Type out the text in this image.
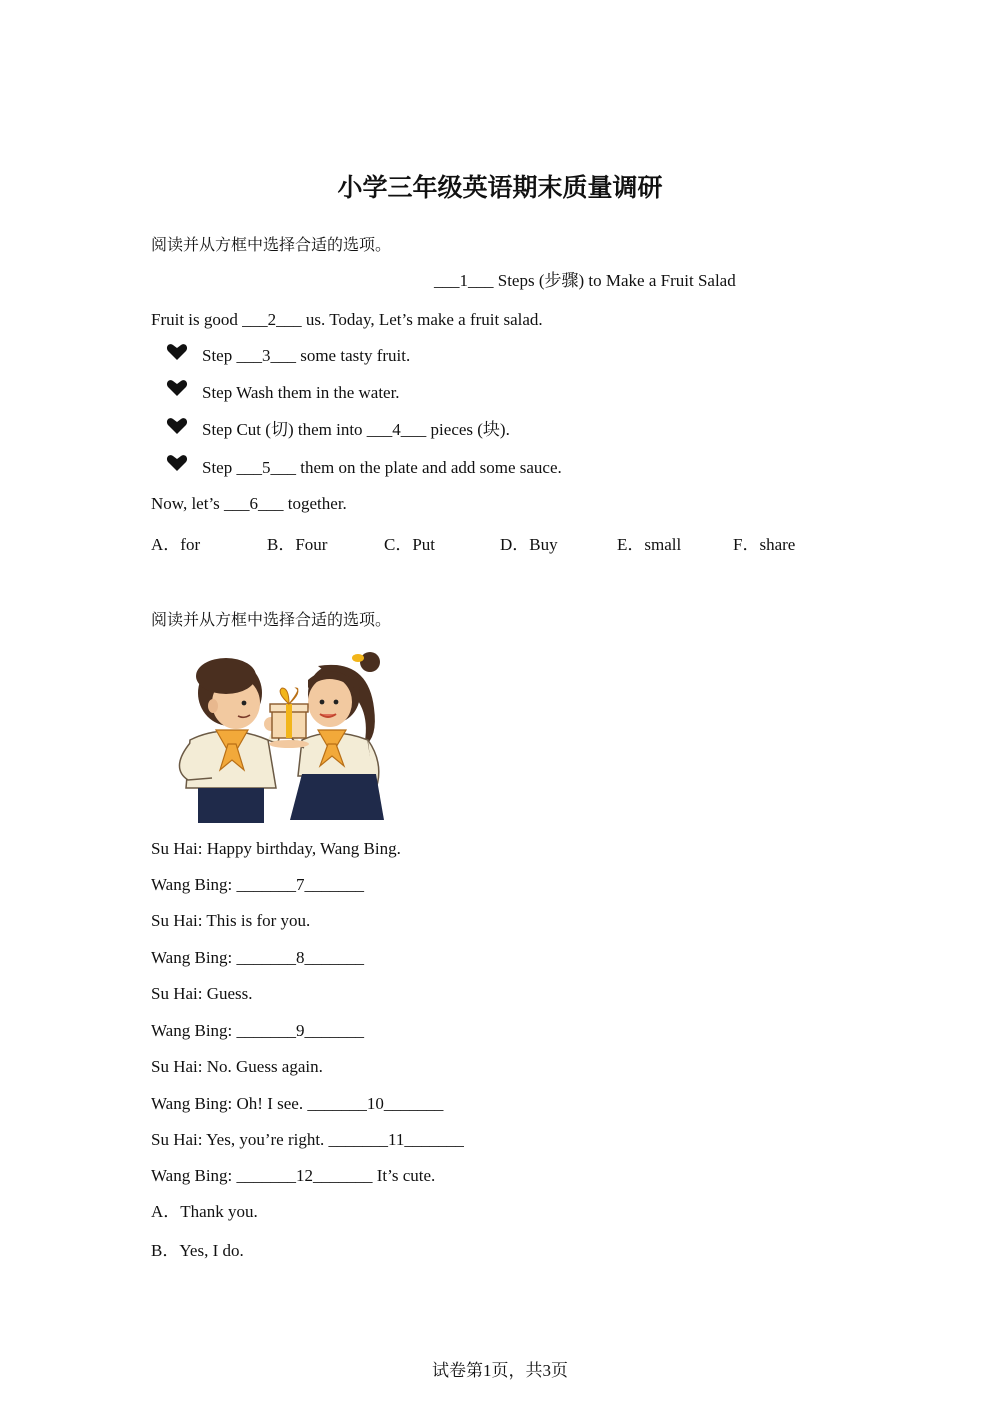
小学三年级英语期末质量调研
阅读并从方框中选择合适的选项。
___1___ Steps (步骤) to Make a Fruit Salad
Fruit is good ___2___ us. Today, Let’s make a fruit salad.
Step ___3___ some tasty fruit.
Step Wash them in the water.
Step Cut (切) them into ___4___ pieces (块).
Step ___5___ them on the plate and add some sauce.
Now, let’s ___6___ together.
A．for	B．Four	C．Put	D．Buy	E．small	F．share
阅读并从方框中选择合适的选项。
Su Hai: Happy birthday, Wang Bing.
Wang Bing: _______7_______
Su Hai: This is for you.
Wang Bing: _______8_______
Su Hai: Guess.
Wang Bing: _______9_______
Su Hai: No. Guess again.
Wang Bing: Oh! I see. _______10_______
Su Hai: Yes, you’re right. _______11_______
Wang Bing: _______12_______ It’s cute.
A．Thank you.
B．Yes, I do.
试卷第1页，共3页
